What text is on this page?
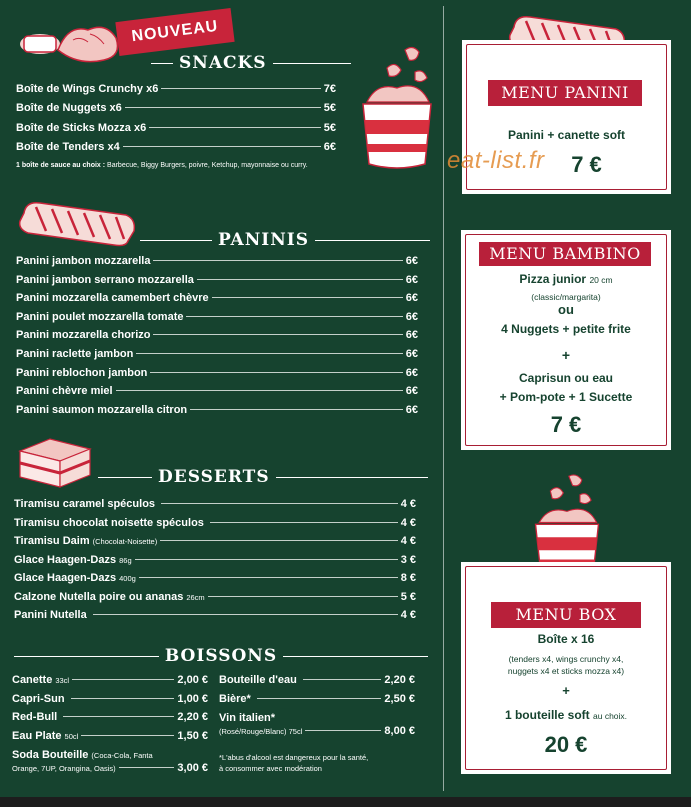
NOUVEAU
SNACKS
Boîte de Wings Crunchy x6	7€
Boîte de Nuggets x6	5€
Boîte de Sticks Mozza x6	5€
Boîte de Tenders x4	6€
1 boîte de sauce au choix : Barbecue, Biggy Burgers, poivre, Ketchup, mayonnaise ou curry.
PANINIS
Panini jambon mozzarella	6€
Panini jambon serrano mozzarella	6€
Panini mozzarella camembert chèvre	6€
Panini poulet mozzarella tomate	6€
Panini mozzarella chorizo	6€
Panini raclette jambon	6€
Panini reblochon jambon	6€
Panini chèvre miel	6€
Panini saumon mozzarella citron	6€
DESSERTS
Tiramisu caramel spéculos	4 €
Tiramisu chocolat noisette spéculos	4 €
Tiramisu Daim (Chocolat-Noisette)	4 €
Glace Haagen-Dazs 86g	3 €
Glace Haagen-Dazs 400g	8 €
Calzone Nutella poire ou ananas 26cm	5 €
Panini Nutella	4 €
BOISSONS
Canette 33cl	2,00 €
Capri-Sun	1,00 €
Red-Bull	2,20 €
Eau Plate 50cl	1,50 €
Bouteille d'eau	2,20 €
Bière*	2,50 €
Soda Bouteille (Coca-Cola, Fanta
Orange, 7UP, Orangina, Oasis)	3,00 €
Vin italien*
(Rosé/Rouge/Blanc) 75cl	8,00 €
*L'abus d'alcool est dangereux pour la santé,
à consommer avec modération
MENU PANINI
Panini + canette soft
7 €
eat-list.fr
MENU BAMBINO
Pizza junior 20 cm
(classic/margarita)
ou
4 Nuggets + petite frite
+
Caprisun ou eau
+ Pom-pote + 1 Sucette
7 €
MENU BOX
Boîte x 16
(tenders x4, wings crunchy x4,
nuggets x4 et sticks mozza x4)
+
1 bouteille soft au choix.
20 €
